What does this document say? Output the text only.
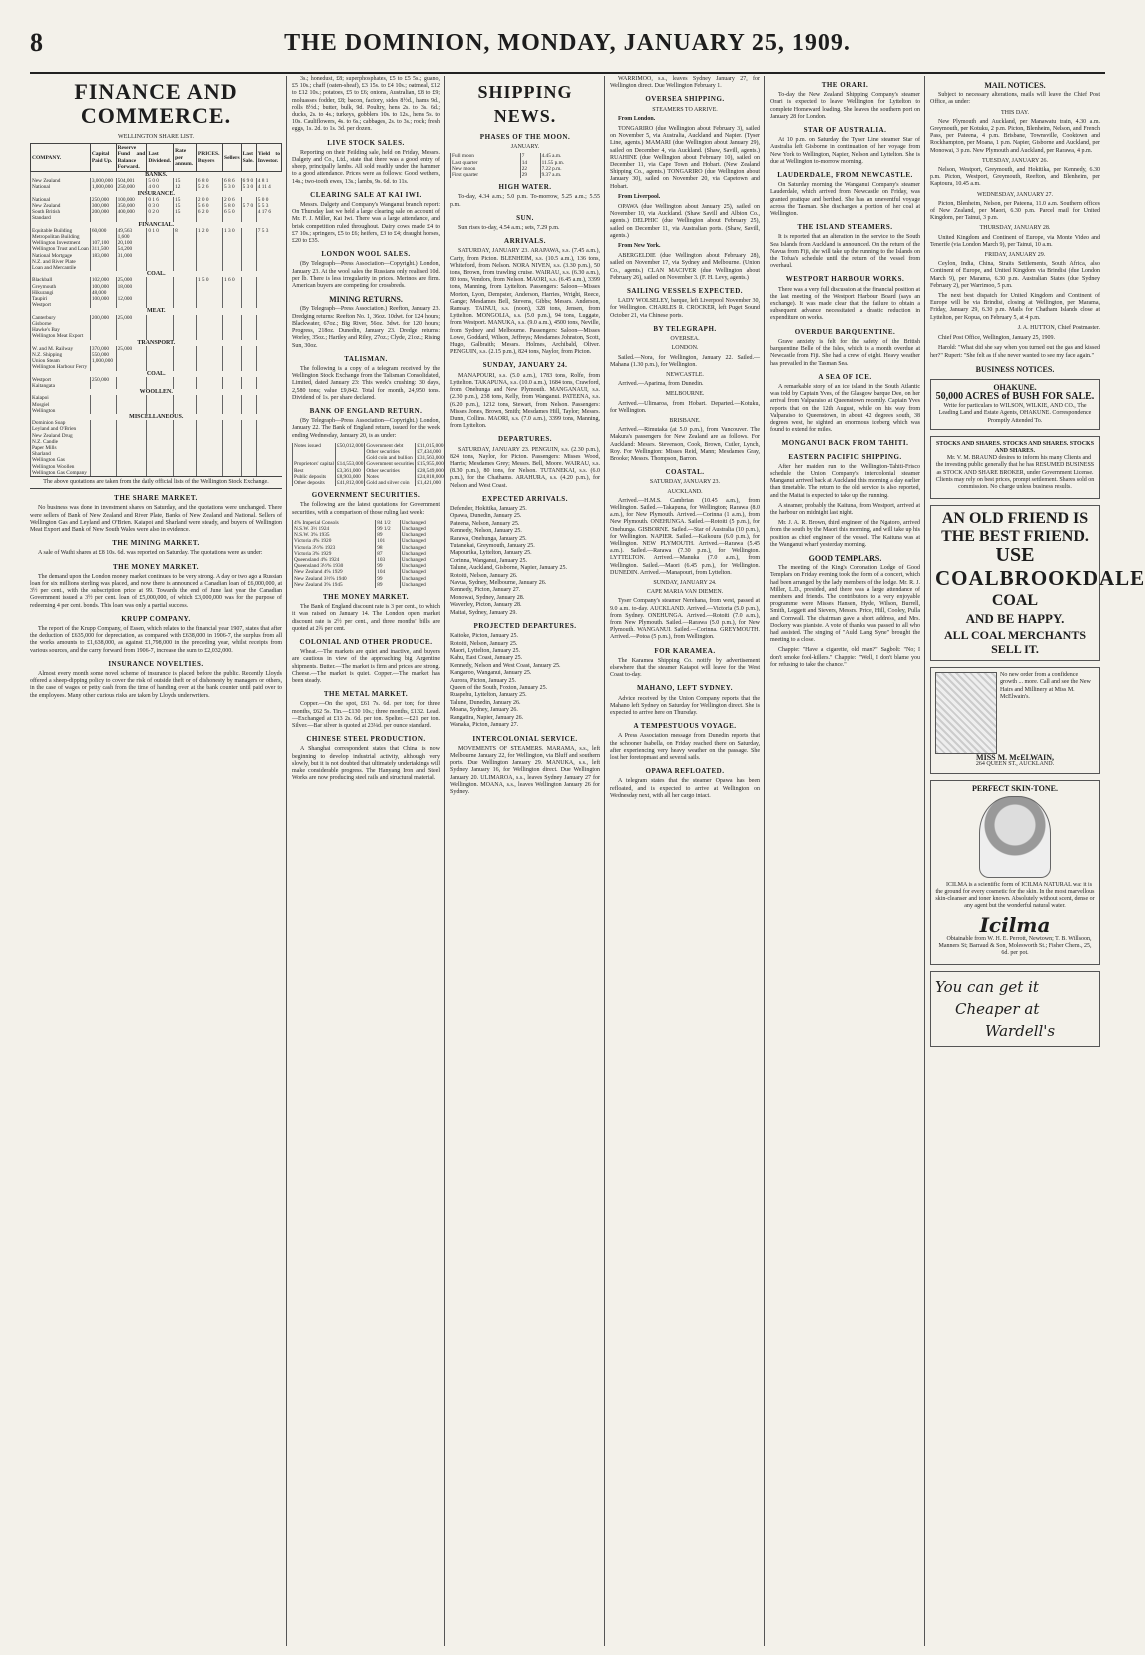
8	THE DOMINION, MONDAY, JANUARY 25, 1909.
FINANCE AND COMMERCE.
WELLINGTON SHARE LIST.
COMPANY.	Capital Paid Up.	Reserve Fund and Balance Forward.	Last Dividend.	Rate per annum.	PRICES. Buyers	Sellers	Last Sale.	Yield to Investor.
BANKS.								
New Zealand	3,000,000	504,001	5 0 0	15	6 8 0	6 8 6	6 9 0	4 8 1
National	1,000,000	250,000	4 0 0	12	5 2 6	5 3 0	5 3 0	4 11 4
INSURANCE.								
National	250,000	100,000	0 1 6	15	2 0 0	2 0 6		5 0 0
New Zealand	300,000	350,000	0 3 0	15	5 6 0	5 8 0	5 7 0	5 5 3
South British	200,000	400,000	0 2 0	15	6 2 0	6 5 0		4 17 6
Standard								
FINANCIAL.								
Equitable Building	60,000	49,563	0 1 0	8	1 2 0	1 3 0		7 5 3
Metropolitan Building		1,600						
Wellington Investment	107,100	20,100						
Wellington Trust and Loan	311,500	54,200						
National Mortgage	183,000	31,000						
N.Z. and River Plate								
Loan and Mercantile								
COAL.								
Blackball	102,000	25,000			1 5 0	1 6 0		
Greymouth	100,000	18,000						
Hikurangi	48,000							
Taupiri	100,000	12,000						
Westport								
MEAT.								
Canterbury	200,000	25,000						
Gisborne								
Hawke's Bay								
Wellington Meat Export								
TRANSPORT.								
W. and M. Railway	370,000	25,000						
N.Z. Shipping	550,000							
Union Steam	1,000,000							
Wellington Harbour Ferry								
COAL.								
Westport	250,000							
Kaitangata								
WOOLLEN.								
Kaiapoi								
Mosgiel								
Wellington								
MISCELLANEOUS.								
Dominion Soap								
Leyland and O'Brien								
New Zealand Drug								
N.Z. Candle								
Paper Mills								
Sharland								
Wellington Gas								
Wellington Woollen								
Wellington Gas Company								
The above quotations are taken from the daily official lists of the Wellington Stock Exchange.
THE SHARE MARKET.

No business was done in investment shares on Saturday, and the quotations were unchanged. There were sellers of Bank of New Zealand and River Plate, Banks of New Zealand and National. Sellers of Wellington Gas and Leyland and O'Brien. Kaiapoi and Sharland were steady, and buyers of Wellington Meat Export and Bank of New South Wales were also in evidence.

THE MINING MARKET.

A sale of Waihi shares at £8 10s. 6d. was reported on Saturday. The quotations were as under:

THE MONEY MARKET.

The demand upon the London money market continues to be very strong. A day or two ago a Russian loan for six millions sterling was placed, and now there is announced a Canadian loan of £6,000,000, at 3½ per cent., with the subscription price at 99. Towards the end of June last year the Canadian Government issued a 3½ per cent. loan of £5,000,000, of which £3,000,000 was for the purpose of redeeming 4 per cent. bonds. This loan was only a partial success.

KRUPP COMPANY.

The report of the Krupp Company, of Essen, which relates to the financial year 1907, states that after the deduction of £635,000 for depreciation, as compared with £638,000 in 1906-7, the surplus from all the works amounts to £1,638,000, as against £1,798,000 in the preceding year, whilst receipts from various sources, and the carry forward from 1906-7, increase the sum to £2,032,000.

INSURANCE NOVELTIES.

Almost every month some novel scheme of insurance is placed before the public. Recently Lloyds offered a sheep-dipping policy to cover the risk of outside theft or of dishonesty by managers or others, in the case of wages or petty cash from the time of handing over at the bank counter until paid over to the employees. Many other curious risks are taken by Lloyds underwriters.

3s.; honedust, £8; superphosphates, £5 to £5 5s.; guano, £5 10s.; chaff (oaten-sheaf), £3 15s. to £4 10s.; oatmeal, £12 to £12 10s.; potatoes, £5 to £6; onions, Australian, £8 to £9; moluasses fodder, £8; bacon, factory, sides 8½d., hams 9d., rolls 8½d.; butter, bulk, 9d. Poultry, hens 2s. to 3s. 6d.; ducks, 2s. to 4s.; turkeys, gobblers 10s. to 12s., hens 5s. to 10s. Cauliflowers, 4s. to 6s.; cabbages, 2s. to 3s.; rock; fresh eggs, 1s. 2d. to 1s. 3d. per dozen.

LIVE STOCK SALES.

Reporting on their Feilding sale, held on Friday, Messrs. Dalgety and Co., Ltd., state that there was a good entry of sheep, principally lambs. All sold readily under the hammer to a good attendance. Prices were as follows: Good wethers, 14s.; two-tooth ewes, 13s.; lambs, 9s. 6d. to 11s.

CLEARING SALE AT KAI IWI.

Messrs. Dalgety and Company's Wanganui branch report: On Thursday last we held a large clearing sale on account of Mr. F. J. Miller, Kai Iwi. There was a large attendance, and brisk competition ruled throughout. Dairy cows made £4 to £7 10s.; springers, £5 to £6; heifers, £3 to £4; draught horses, £20 to £35.

LONDON WOOL SALES.

(By Telegraph—Press Association—Copyright.) London, January 23. At the wool sales the Russians only realised 10d. per lb. There is less irregularity in prices. Merinos are firm. American buyers are competing for crossbreds.

MINING RETURNS.

(By Telegraph—Press Association.) Reefton, January 23. Dredging returns: Reefton No. 1, 36oz. 10dwt. for 124 hours; Blackwater, 67oz.; Big River, 56oz. 3dwt. for 120 hours; Progress, 218oz. Dunedin, January 23. Dredge returns: Worley, 35oz.; Hartley and Riley, 27oz.; Clyde, 21oz.; Rising Sun, 30oz.

TALISMAN.

The following is a copy of a telegram received by the Wellington Stock Exchange from the Talisman Consolidated, Limited, dated January 23: This week's crushing: 30 days, 2,580 tons; value £9,842. Total for month, 24,950 tons. Dividend of 1s. per share declared.

BANK OF ENGLAND RETURN.

(By Telegraph—Press Association—Copyright.) London, January 22. The Bank of England return, issued for the week ending Wednesday, January 20, is as under:

Notes issued	£50,012,000	Government debt	£11,015,000
		Other securities	£7,434,000
		Gold coin and bullion	£31,563,000
Proprietors' capital	£14,553,000	Government securities	£15,955,000
Rest	£3,361,000	Other securities	£28,549,000
Public deposits	£8,903,000	Notes	£24,818,000
Other deposits	£41,812,000	Gold and silver coin	£1,421,000
GOVERNMENT SECURITIES.

The following are the latest quotations for Government securities, with a comparison of those ruling last week:

4% Imperial Consols	84 1/2	Unchanged
N.S.W. 3½ 1924	99 1/2	Unchanged
N.S.W. 3% 1935	89	Unchanged
Victoria 4% 1920	101	Unchanged
Victoria 3½% 1923	98	Unchanged
Victoria 3% 1929	87	Unchanged
Queensland 4% 1924	103	Unchanged
Queensland 3½% 1930	99	Unchanged
New Zealand 4% 1929	104	Unchanged
New Zealand 3½% 1940	99	Unchanged
New Zealand 3% 1945	89	Unchanged
THE MONEY MARKET.

The Bank of England discount rate is 3 per cent., to which it was raised on January 14. The London open market discount rate is 2½ per cent., and three months' bills are quoted at 2¾ per cent.

COLONIAL AND OTHER PRODUCE.

Wheat.—The markets are quiet and inactive, and buyers are cautious in view of the approaching big Argentine shipments. Butter.—The market is firm and prices are strong. Cheese.—The market is quiet. Copper.—The market has been steady.

THE METAL MARKET.

Copper.—On the spot, £61 7s. 6d. per ton; for three months, £62 5s. Tin.—£130 10s.; three months, £132. Lead.—Exchanged at £13 2s. 6d. per ton. Spelter.—£21 per ton. Silver.—Bar silver is quoted at 23¼d. per ounce standard.

CHINESE STEEL PRODUCTION.

A Shanghai correspondent states that China is now beginning to develop industrial activity, although very slowly, but it is not doubted that ultimately undertakings will make considerable progress. The Hanyang Iron and Steel Works are now producing steel rails and structural material.

SHIPPING NEWS.
PHASES OF THE MOON.
JANUARY.
Full moon	7	4.45 a.m.
Last quarter	14	11.55 p.m.
New moon	22	7.22 p.m.
First quarter	29	9.37 a.m.
HIGH WATER.

To-day, 4.34 a.m.; 5.0 p.m. To-morrow, 5.25 a.m.; 5.55 p.m.

SUN.

Sun rises to-day, 4.54 a.m.; sets, 7.29 p.m.

ARRIVALS.

SATURDAY, JANUARY 23. ARAPAWA, s.s. (7.45 a.m.), Carty, from Picton. BLENHEIM, s.s. (10.5 a.m.), 136 tons, Whiteford, from Nelson. NORA NIVEN, s.s. (3.30 p.m.), 50 tons, Brown, from trawling cruise. WAIRAU, s.s. (6.30 a.m.), 80 tons, Vendors, from Nelson. MAORI, s.s. (6.45 a.m.), 3399 tons, Manning, from Lyttelton. Passengers: Saloon—Misses Morton, Lyon, Dempster, Anderson, Harries, Wright, Reece, Gange; Mesdames Bell, Stevens, Gibbs; Messrs. Anderson, Ramsay. TAINUI, s.s. (noon), 328 tons, Jensen, from Lyttelton. MONGOLIA, s.s. (5.0 p.m.), 94 tons, Luggate, from Westport. MANUKA, s.s. (9.0 a.m.), 4500 tons, Neville, from Sydney and Melbourne. Passengers: Saloon—Misses Lowe, Goddard, Wilson, Jeffreys; Mesdames Johnston, Scott, Hugo, Galbraith; Messrs. Holmes, Archibald, Oliver. PENGUIN, s.s. (2.15 p.m.), 824 tons, Naylor, from Picton.

SUNDAY, JANUARY 24.

MANAPOURI, s.s. (5.0 a.m.), 1783 tons, Rolfe, from Lyttelton. TAKAPUNA, s.s. (10.0 a.m.), 1684 tons, Crawford, from Onehunga and New Plymouth. MANGANAUI, s.s. (2.30 p.m.), 238 tons, Kelly, from Wanganui. PATEENA, s.s. (6.20 p.m.), 1212 tons, Stewart, from Nelson. Passengers: Misses Jones, Brown, Smith; Mesdames Hill, Taylor; Messrs. Dunn, Collins. MAORI, s.s. (7.0 a.m.), 3399 tons, Manning, from Lyttelton.

DEPARTURES.

SATURDAY, JANUARY 23. PENGUIN, s.s. (2.30 p.m.), 824 tons, Naylor, for Picton. Passengers: Misses Wood, Harris; Mesdames Grey; Messrs. Bell, Moore. WAIRAU, s.s. (8.30 p.m.), 80 tons, for Nelson. TUTANEKAI, s.s. (6.0 p.m.), for the Chathams. ARAHURA, s.s. (4.20 p.m.), for Nelson and West Coast.

EXPECTED ARRIVALS.
Defender, Hokitika, January 25.
Opawa, Dunedin, January 25.
Pateena, Nelson, January 25.
Kennedy, Nelson, January 25.
Rarawa, Onehunga, January 25.
Tutanekai, Greymouth, January 25.
Mapourika, Lyttelton, January 25.
Corinna, Wanganui, January 25.
Talune, Auckland, Gisborne, Napier, January 25.
Rotoiti, Nelson, January 26.
Navua, Sydney, Melbourne, January 26.
Kennedy, Picton, January 27.
Monowai, Sydney, January 28.
Waverley, Picton, January 28.
Maitai, Sydney, January 29.
PROJECTED DEPARTURES.
Kaitoke, Picton, January 25.
Rotoiti, Nelson, January 25.
Maori, Lyttelton, January 25.
Kahu, East Coast, January 25.
Kennedy, Nelson and West Coast, January 25.
Kangaroo, Wanganui, January 25.
Aurora, Picton, January 25.
Queen of the South, Foxton, January 25.
Ruapehu, Lyttelton, January 25.
Talune, Dunedin, January 26.
Moana, Sydney, January 26.
Rangatira, Napier, January 26.
Wanaka, Picton, January 27.
INTERCOLONIAL SERVICE.

MOVEMENTS OF STEAMERS. MARAMA, s.s., left Melbourne January 22, for Wellington, via Bluff and southern ports. Due Wellington January 29. MANUKA, s.s., left Sydney January 16, for Wellington direct. Due Wellington January 20. ULIMAROA, s.s., leaves Sydney January 27 for Wellington. MOANA, s.s., leaves Wellington January 26 for Sydney.

WARRIMOO, s.s., leaves Sydney January 27, for Wellington direct. Due Wellington February 1.

OVERSEA SHIPPING.
STEAMERS TO ARRIVE.

From London.

TONGARIRO (due Wellington about February 3), sailed on November 5, via Australia, Auckland and Napier. (Tyser Line, agents.) MAMARI (due Wellington about January 29), sailed on December 4, via Auckland. (Shaw, Savill, agents.) RUAHINE (due Wellington about February 10), sailed on December 11, via Cape Town and Hobart. (New Zealand Shipping Co., agents.) TONGARIRO (due Wellington about January 30), sailed on November 20, via Capetown and Hobart.

From Liverpool.

OPAWA (due Wellington about January 25), sailed on November 10, via Auckland. (Shaw Savill and Albion Co., agents.) DELPHIC (due Wellington about February 25), sailed on December 11, via Australian ports. (Shaw, Savill, agents.)

From New York.

ABERGELDIE (due Wellington about February 28), sailed on November 17, via Sydney and Melbourne. (Union Co., agents.) CLAN MACIVER (due Wellington about February 26), sailed on November 3. (F. H. Levy, agents.)

SAILING VESSELS EXPECTED.

LADY WOLSELEY, barque, left Liverpool November 30, for Wellington. CHARLES R. CROCKER, left Puget Sound October 21, via Chinese ports.

BY TELEGRAPH.
OVERSEA.
LONDON.

Sailed.—Nora, for Wellington, January 22. Sailed.—Mahana (1.30 p.m.), for Wellington.

NEWCASTLE.

Arrived.—Aparima, from Dunedin.

MELBOURNE.

Arrived.—Ulimaroa, from Hobart. Departed.—Kotuku, for Wellington.

BRISBANE.

Arrived.—Rimutaka (at 5.0 p.m.), from Vancouver. The Makura's passengers for New Zealand are as follows. For Auckland: Messrs. Stevenson, Cook, Brown, Cutler, Lynch, Roy. For Wellington: Misses Reid, Mann; Mesdames Gray, Brooke; Messrs. Thompson, Barron.

COASTAL.
SATURDAY, JANUARY 23.
AUCKLAND.

Arrived.—H.M.S. Cambrian (10.45 a.m.), from Wellington. Sailed.—Takapuna, for Wellington; Rarawa (8.0 a.m.), for New Plymouth. Arrived.—Corinna (1 a.m.), from New Plymouth. ONEHUNGA. Sailed.—Rotoiti (5 p.m.), for Onehunga. GISBORNE. Sailed.—Star of Australia (10 p.m.), for Wellington. NAPIER. Sailed.—Kaikoura (6.0 p.m.), for Wellington. NEW PLYMOUTH. Arrived.—Rarawa (5.45 a.m.). Sailed.—Rarawa (7.30 p.m.), for Wellington. LYTTELTON. Arrived.—Manuka (7.0 a.m.), from Wellington. Sailed.—Maori (6.45 p.m.), for Wellington. DUNEDIN. Arrived.—Manapouri, from Lyttelton.

SUNDAY, JANUARY 24.
CAPE MARIA VAN DIEMEN.

Tyser Company's steamer Nerehana, from west, passed at 9.0 a.m. to-day. AUCKLAND. Arrived.—Victoria (5.0 p.m.), from Sydney. ONEHUNGA. Arrived.—Rotoiti (7.0 a.m.), from New Plymouth. Sailed.—Rarawa (5.0 p.m.), for New Plymouth. WANGANUI. Sailed.—Corinna. GREYMOUTH. Arrived.—Potoa (5 p.m.), from Wellington.

FOR KARAMEA.

The Karamea Shipping Co. notify by advertisement elsewhere that the steamer Kaiapoi will leave for the West Coast to-day.

MAHANO, LEFT SYDNEY.

Advice received by the Union Company reports that the Mahano left Sydney on Saturday for Wellington direct. She is expected to arrive here on Thursday.

A TEMPESTUOUS VOYAGE.

A Press Association message from Dunedin reports that the schooner Isabella, on Friday reached there on Saturday, after experiencing very heavy weather on the passage. She lost her foretopmast and several sails.

OPAWA REFLOATED.

A telegram states that the steamer Opawa has been refloated, and is expected to arrive at Wellington on Wednesday next, with all her cargo intact.

THE ORARI.

To-day the New Zealand Shipping Company's steamer Orari is expected to leave Wellington for Lyttelton to complete Homeward loading. She leaves the southern port on January 28 for London.

STAR OF AUSTRALIA.

At 10 p.m. on Saturday the Tyser Line steamer Star of Australia left Gisborne in continuation of her voyage from New York to Wellington, Napier, Nelson and Lyttelton. She is due at Wellington to-morrow morning.

LAUDERDALE, FROM NEWCASTLE.

On Saturday morning the Wanganui Company's steamer Lauderdale, which arrived from Newcastle on Friday, was granted pratique and berthed. She has an uneventful voyage across the Tasman. She discharges a portion of her coal at Wellington.

THE ISLAND STEAMERS.

It is reported that an alteration in the service to the South Sea Islands from Auckland is announced. On the return of the Navua from Fiji, she will take up the running to the Islands on the Tofua's schedule until the return of the vessel from overhaul.

WESTPORT HARBOUR WORKS.

There was a very full discussion at the financial position at the last meeting of the Westport Harbour Board (says an exchange). It was made clear that the failure to obtain a subsequent advance necessitated a drastic reduction in expenditure on works.

OVERDUE BARQUENTINE.

Grave anxiety is felt for the safety of the British barquentine Belle of the Isles, which is a month overdue at Newcastle from Fiji. She had a crew of eight. Heavy weather has prevailed in the Tasman Sea.

A SEA OF ICE.

A remarkable story of an ice island in the South Atlantic was told by Captain Yves, of the Glasgow barque Dee, on her arrival from Valparaiso at Queenstown recently. Captain Yves reports that on the 12th August, while on his way from Valparaiso to Queenstown, in about 42 degrees south, 38 degrees west, he sighted an enormous iceberg which was found to extend for miles.

MONGANUI BACK FROM TAHITI.
EASTERN PACIFIC SHIPPING.

After her maiden run to the Wellington-Tahiti-Frisco schedule the Union Company's intercolonial steamer Manganui arrived back at Auckland this morning a day earlier than timetable. The return to the old service is also reported, and the Maitai is expected to take up the running.

A steamer, probably the Kaituna, from Westport, arrived at the harbour on midnight last night.

Mr. J. A. R. Brown, third engineer of the Ngatoro, arrived from the south by the Maori this morning, and will take up his position as chief engineer of the vessel. The Kaituna was at the Wanganui wharf yesterday morning.

GOOD TEMPLARS.

The meeting of the King's Coronation Lodge of Good Templars on Friday evening took the form of a concert, which had been arranged by the lady members of the lodge. Mr. R. J. Miller, L.D., presided, and there was a large attendance of members and friends. The contributors to a very enjoyable programme were Misses Hansen, Hyde, Wilson, Burrell, Smith, Leggett and Sievers, Messrs. Price, Hill, Cooley, Pulla and Cornwall. The chairman gave a short address, and Mrs. Dockery was pianiste. A vote of thanks was passed to all who had assisted. The singing of "Auld Lang Syne" brought the meeting to a close.

Chappie: "Have a cigarette, old man?" Sagbolt: "No; I don't smoke fool-killers." Chappie: "Well, I don't blame you for refusing to take the chance."

MAIL NOTICES.

Subject to necessary alterations, mails will leave the Chief Post Office, as under:

THIS DAY.

New Plymouth and Auckland, per Manawatu train, 4.30 a.m. Greymouth, per Kotuku, 2 p.m. Picton, Blenheim, Nelson, and French Pass, per Pateena, 4 p.m. Brisbane, Townsville, Cooktown and Rockhampton, per Moana, 1 p.m. Napier, Gisborne and Auckland, per Monowai, 3 p.m. New Plymouth and Auckland, per Rarawa, 4 p.m.

TUESDAY, JANUARY 26.

Nelson, Westport, Greymouth, and Hokitika, per Kennedy, 6.30 p.m. Picton, Westport, Greymouth, Reefton, and Blenheim, per Kaptoura, 10.45 a.m.

WEDNESDAY, JANUARY 27.

Picton, Blenheim, Nelson, per Pateena, 11.0 a.m. Southern offices of New Zealand, per Maori, 6.30 p.m. Parcel mail for United Kingdom, per Tainui, 3 p.m.

THURSDAY, JANUARY 28.

United Kingdom and Continent of Europe, via Monte Video and Tenerife (via London March 9), per Tainui, 10 a.m.

FRIDAY, JANUARY 29.

Ceylon, India, China, Straits Settlements, South Africa, also Continent of Europe, and United Kingdom via Brindisi (due London March 9), per Marama, 6.30 p.m. Australian States (due Sydney February 2), per Warrimoo, 5 p.m.

The next best dispatch for United Kingdom and Continent of Europe will be via Brindisi, closing at Wellington, per Marama, Friday, January 29, 6.30 p.m. Mails for Chatham Islands close at Lyttelton, per Kopua, on February 5, at 4 p.m.

J. A. HUTTON, Chief Postmaster.

Chief Post Office, Wellington, January 25, 1909.

Harold: "What did she say when you turned out the gas and kissed her?" Rupert: "She felt as if she never wanted to see my face again."

BUSINESS NOTICES.
OHAKUNE.
50,000 ACRES of BUSH FOR SALE.
Write for particulars to WILSON, WILKIE, AND CO., The Leading Land and Estate Agents, OHAKUNE. Correspondence Promptly Attended To.
STOCKS AND SHARES. STOCKS AND SHARES. STOCKS AND SHARES.

Mr. V. M. BRAUND desires to inform his many Clients and the investing public generally that he has RESUMED BUSINESS as STOCK AND SHARE BROKER, under Government License. Clients may rely on best prices, prompt settlement. Shares sold on commission. No charge unless business results.

AN OLD FRIEND IS THE BEST FRIEND.
USE
COALBROOKDALE
COAL
AND BE HAPPY.
ALL COAL MERCHANTS SELL IT.
No new order from a confidence growth ... more. Call and see the New Hairs and Millinery at Miss M. McElwain's.
MISS M. McELWAIN,
264 QUEEN ST., AUCKLAND.
PERFECT SKIN-TONE.

ICILMA is a scientific form of ICILMA NATURAL wa: it is the ground for every cosmetic for the skin. In the most marvellous skin-cleanser and toner known. Absolutely without scent, dense or any agent but the wonderful natural water.

Icilma

Obtainable from W. H. E. Perrott, Newtown; T. B. Willsoon, Manners St; Barraud & Son, Molesworth St.; Fisher Chem., 25, 6d. per pot.

You can get it
Cheaper at
Wardell's
